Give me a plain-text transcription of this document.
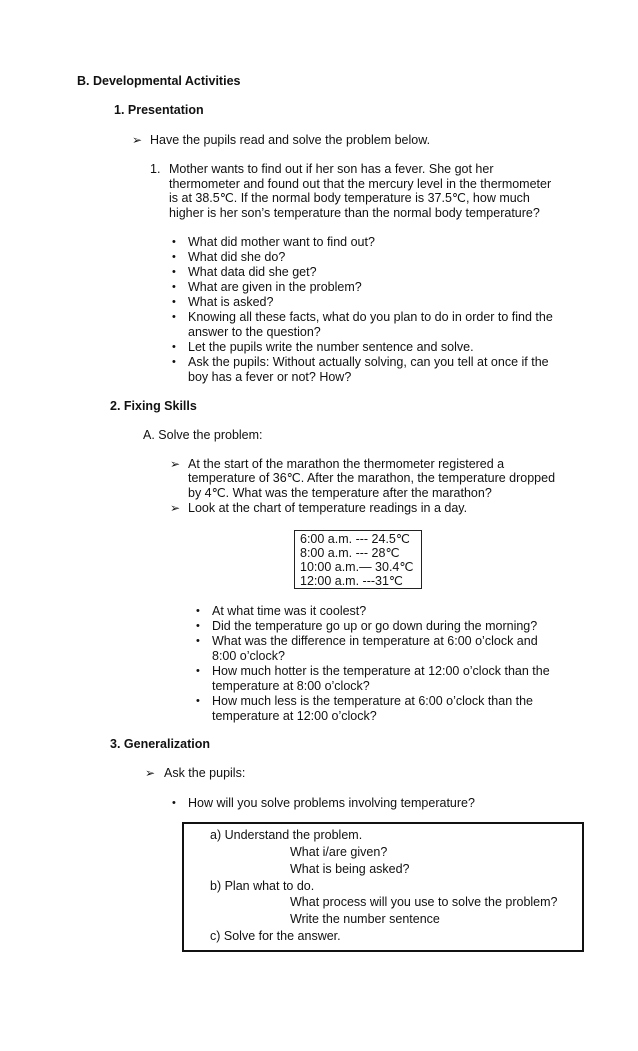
B. Developmental Activities
1. Presentation
➢ Have the pupils read and solve the problem below.
1. Mother wants to find out if her son has a fever. She got her
thermometer and found out that the mercury level in the thermometer
is at 38.5℃. If the normal body temperature is 37.5℃, how much
higher is her son’s temperature than the normal body temperature?
• What did mother want to find out?
• What did she do?
• What data did she get?
• What are given in the problem?
• What is asked?
• Knowing all these facts, what do you plan to do in order to find the
answer to the question?
• Let the pupils write the number sentence and solve.
• Ask the pupils: Without actually solving, can you tell at once if the
boy has a fever or not? How?
2. Fixing Skills
A. Solve the problem:
➢ At the start of the marathon the thermometer registered a
temperature of 36℃. After the marathon, the temperature dropped
by 4℃. What was the temperature after the marathon?
➢ Look at the chart of temperature readings in a day.
6:00 a.m. --- 24.5℃
8:00 a.m. --- 28℃
10:00 a.m.— 30.4℃
12:00 a.m. ---31℃
• At what time was it coolest?
• Did the temperature go up or go down during the morning?
• What was the difference in temperature at 6:00 o’clock and
8:00 o’clock?
• How much hotter is the temperature at 12:00 o’clock than the
temperature at 8:00 o’clock?
• How much less is the temperature at 6:00 o’clock than the
temperature at 12:00 o’clock?
3. Generalization
➢ Ask the pupils:
• How will you solve problems involving temperature?
a) Understand the problem.
What i/are given?
What is being asked?
b) Plan what to do.
What process will you use to solve the problem?
Write the number sentence
c) Solve for the answer.
